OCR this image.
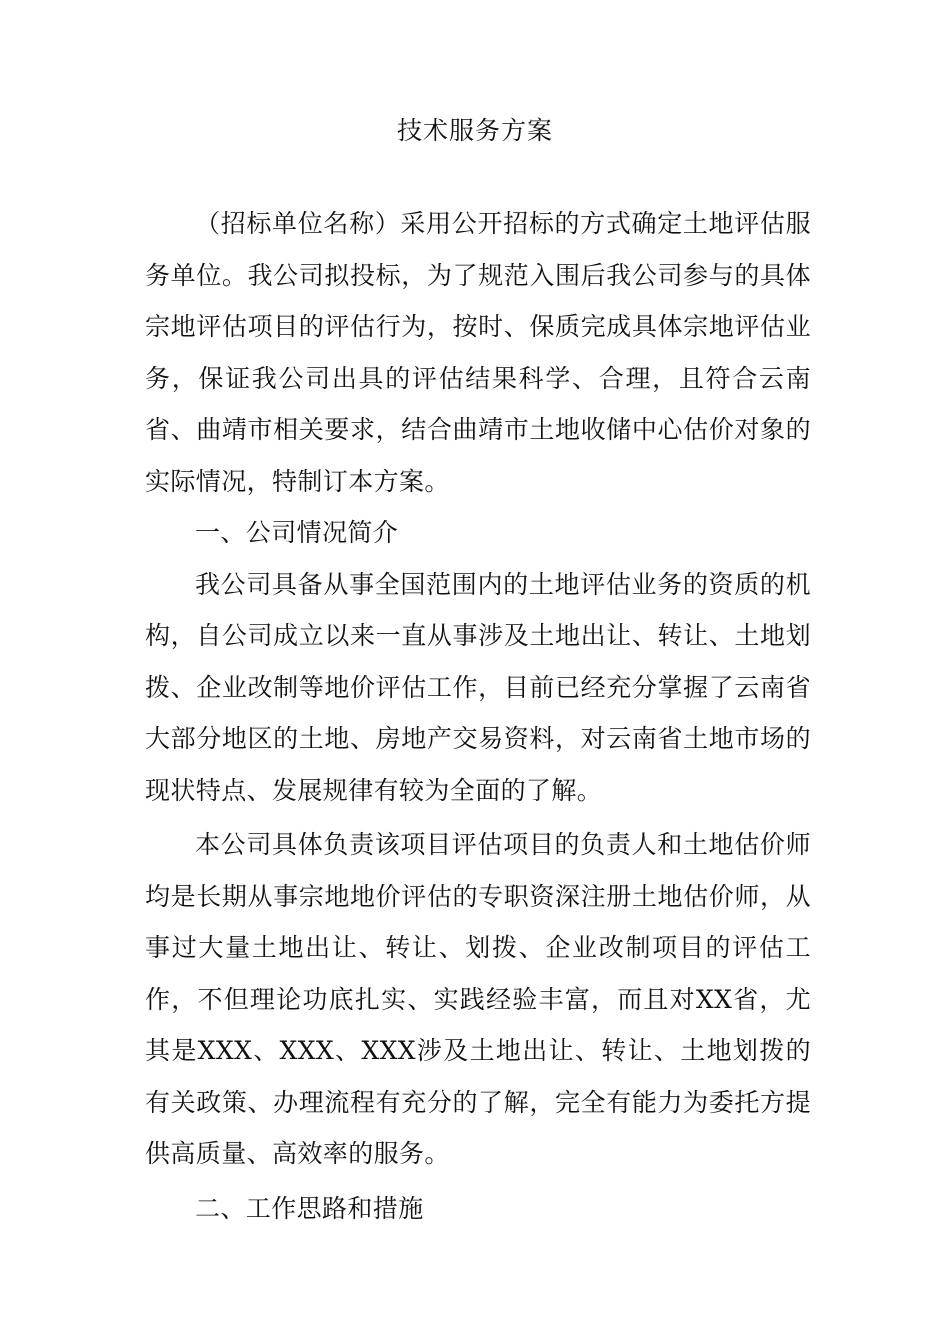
技术服务方案

（招标单位名称）采用公开招标的方式确定土地评估服务单位。我公司拟投标，为了规范入围后我公司参与的具体宗地评估项目的评估行为，按时、保质完成具体宗地评估业务，保证我公司出具的评估结果科学、合理，且符合云南省、曲靖市相关要求，结合曲靖市土地收储中心估价对象的实际情况，特制订本方案。

一、公司情况简介

我公司具备从事全国范围内的土地评估业务的资质的机构，自公司成立以来一直从事涉及土地出让、转让、土地划拨、企业改制等地价评估工作，目前已经充分掌握了云南省大部分地区的土地、房地产交易资料，对云南省土地市场的现状特点、发展规律有较为全面的了解。

本公司具体负责该项目评估项目的负责人和土地估价师均是长期从事宗地地价评估的专职资深注册土地估价师，从事过大量土地出让、转让、划拨、企业改制项目的评估工作，不但理论功底扎实、实践经验丰富，而且对XX省，尤其是XXX、XXX、XXX涉及土地出让、转让、土地划拨的有关政策、办理流程有充分的了解，完全有能力为委托方提供高质量、高效率的服务。

二、工作思路和措施
